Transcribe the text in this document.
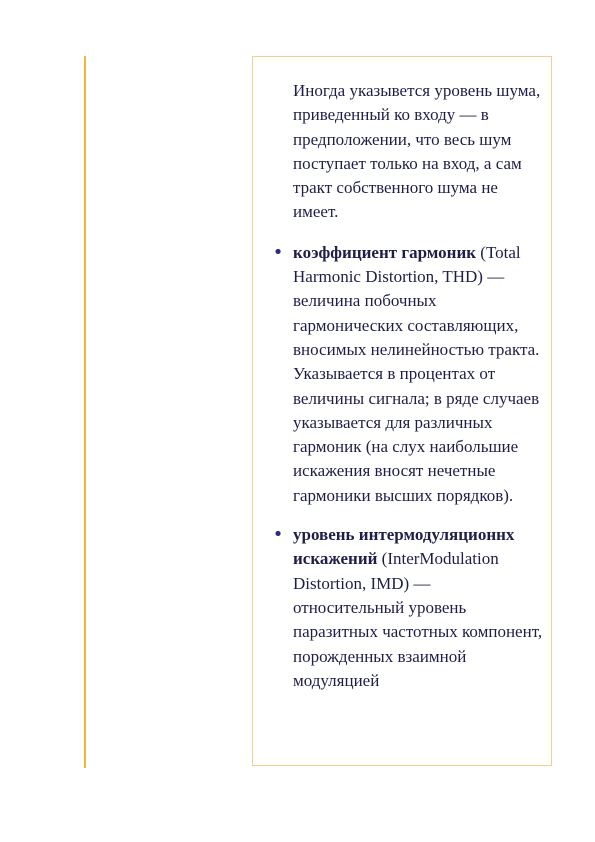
Иногда указывется уровень шума, приведенный ко входу — в предположении, что весь шум поступает только на вход, а сам тракт собственного шума не имеет.

• коэффициент гармоник (Total Harmonic Distortion, THD) — величина побочных гармонических составляющих, вносимых нелинейностью тракта. Указывается в процентах от величины сигнала; в ряде случаев указывается для различных гармоник (на слух наибольшие искажения вносят нечетные гармоники высших порядков).

• уровень интермодуляционнх искажений (InterModulation Distortion, IMD) — относительный уровень паразитных частотных компонент, порожденных взаимной модуляцией
